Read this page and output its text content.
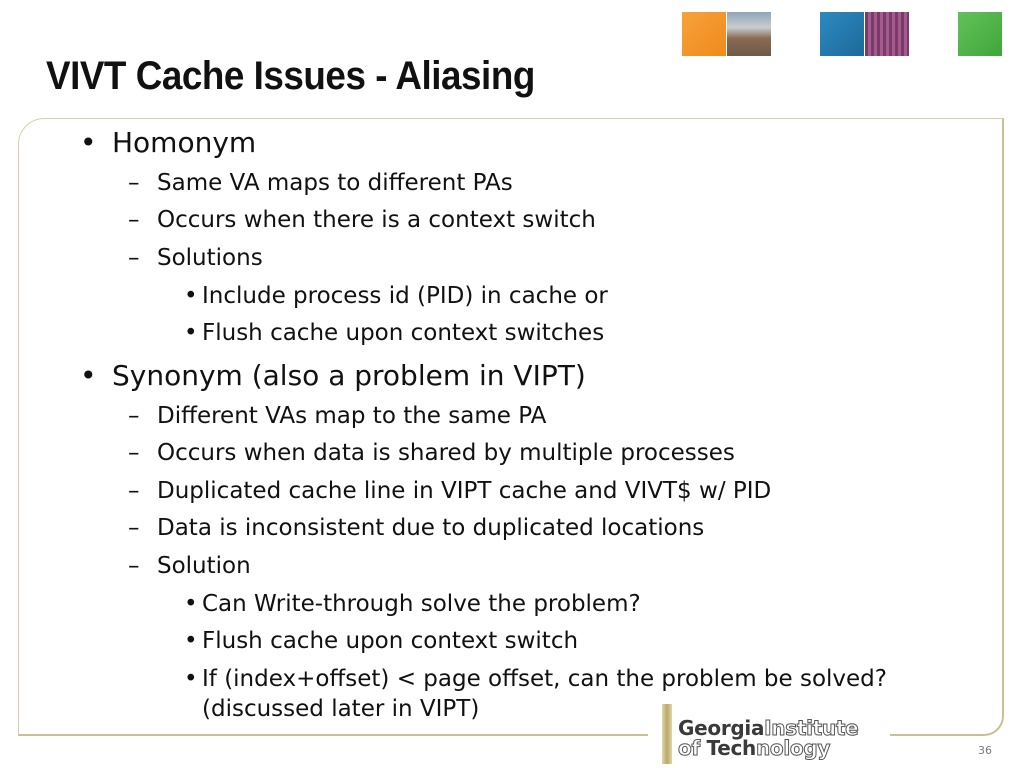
VIVT Cache Issues - Aliasing
• Homonym
– Same VA maps to different PAs
– Occurs when there is a context switch
– Solutions
• Include process id (PID) in cache or
• Flush cache upon context switches
• Synonym (also a problem in VIPT)
– Different VAs map to the same PA
– Occurs when data is shared by multiple processes
– Duplicated cache line in VIPT cache and VIVT$ w/ PID
– Data is inconsistent due to duplicated locations
– Solution
• Can Write-through solve the problem?
• Flush cache upon context switch
• If (index+offset) < page offset, can the problem be solved?
(discussed later in VIPT)
GeorgiaInstitute
of Technology	36
